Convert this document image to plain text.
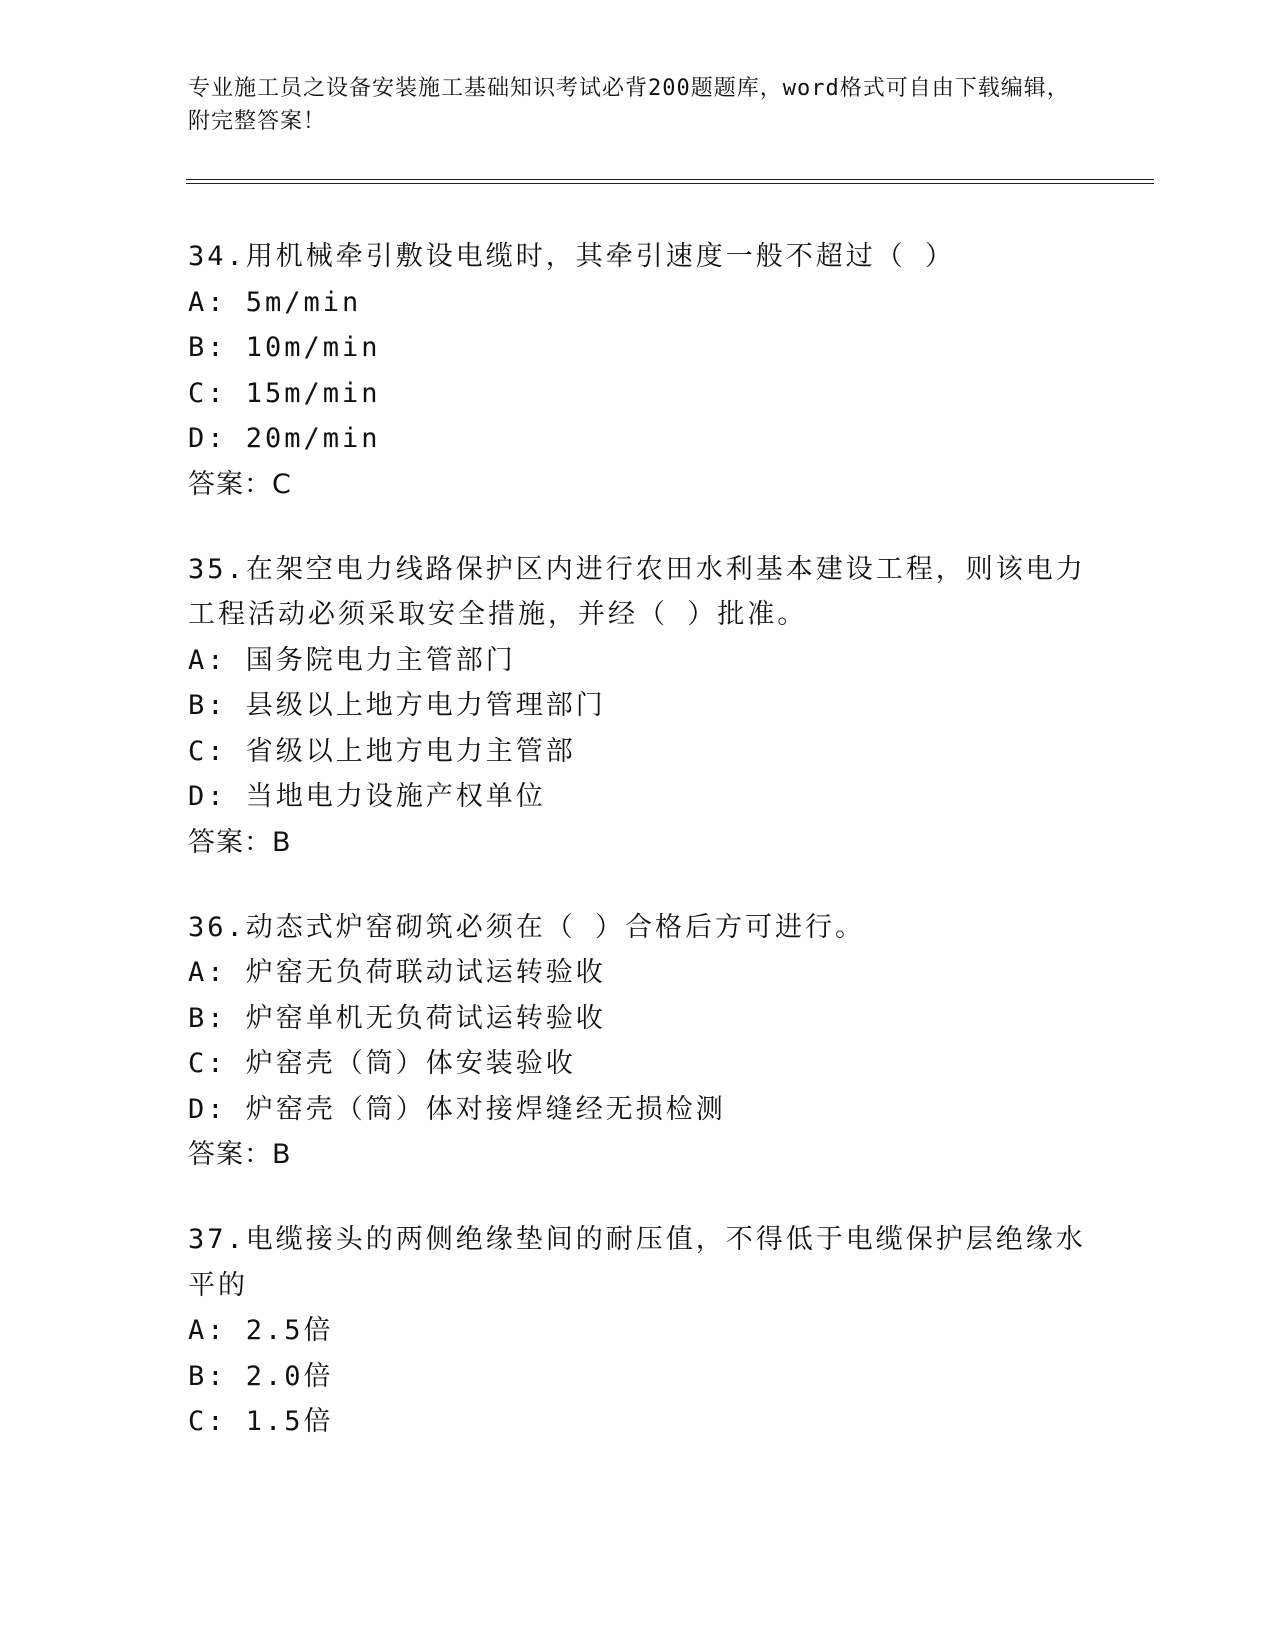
专业施工员之设备安装施工基础知识考试必背200题题库，word格式可自由下载编辑，附完整答案！

34.用机械牵引敷设电缆时，其牵引速度一般不超过（ ）

A: 5m/min

B: 10m/min

C: 15m/min

D: 20m/min

答案：C

35.在架空电力线路保护区内进行农田水利基本建设工程，则该电力工程活动必须采取安全措施，并经（ ）批准。

A: 国务院电力主管部门

B: 县级以上地方电力管理部门

C: 省级以上地方电力主管部

D: 当地电力设施产权单位

答案：B

36.动态式炉窑砌筑必须在（ ）合格后方可进行。

A: 炉窑无负荷联动试运转验收

B: 炉窑单机无负荷试运转验收

C: 炉窑壳（筒）体安装验收

D: 炉窑壳（筒）体对接焊缝经无损检测

答案：B

37.电缆接头的两侧绝缘垫间的耐压值，不得低于电缆保护层绝缘水平的

A: 2.5倍

B: 2.0倍

C: 1.5倍
